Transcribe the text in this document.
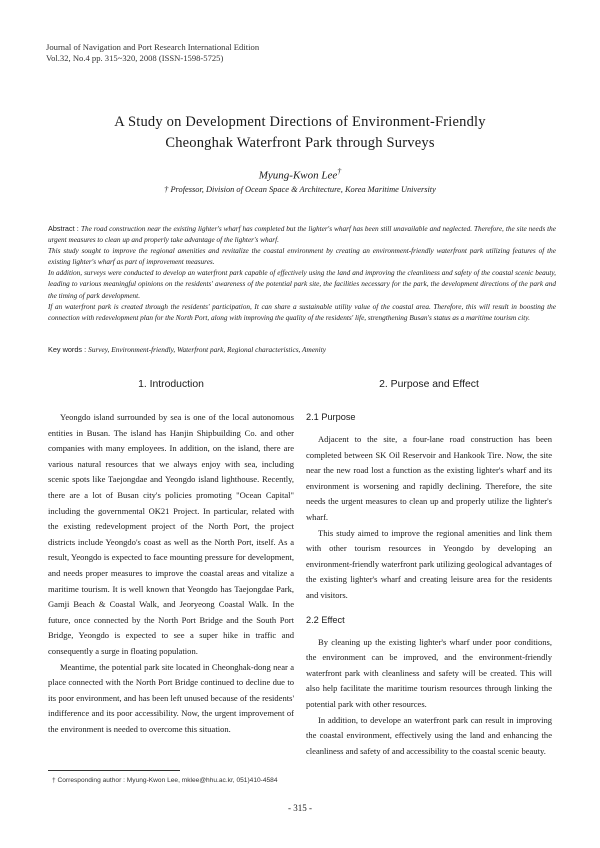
Journal of Navigation and Port Research International Edition
Vol.32, No.4 pp. 315~320, 2008 (ISSN-1598-5725)
A Study on Development Directions of Environment-Friendly
Cheonghak Waterfront Park through Surveys
Myung-Kwon Lee†
† Professor, Division of Ocean Space & Architecture, Korea Maritime University

Abstract : The road construction near the existing lighter's wharf has completed but the lighter's wharf has been still unavailable and neglected. Therefore, the site needs the urgent measures to clean up and properly take advantage of the lighter's wharf.

This study sought to improve the regional amenities and revitalize the coastal environment by creating an environment-friendly waterfront park utilizing features of the existing lighter's wharf as part of improvement measures.

In addition, surveys were conducted to develop an waterfront park capable of effectively using the land and improving the cleanliness and safety of the coastal scenic beauty, leading to various meaningful opinions on the residents' awareness of the potential park site, the facilities necessary for the park, the development directions of the park and the timing of park development.

If an waterfront park is created through the residents' participation, It can share a sustainable utility value of the coastal area. Therefore, this will result in boosting the connection with redevelopment plan for the North Port, along with improving the quality of the residents' life, strengthening Busan's status as a maritime tourism city.

Key words : Survey, Environment-friendly, Waterfront park, Regional characteristics, Amenity
1. Introduction

Yeongdo island surrounded by sea is one of the local autonomous entities in Busan. The island has Hanjin Shipbuilding Co. and other companies with many employees. In addition, on the island, there are various natural resources that we always enjoy with sea, including scenic spots like Taejongdae and Yeongdo island lighthouse. Recently, there are a lot of Busan city's policies promoting "Ocean Capital" including the governmental OK21 Project. In particular, related with the existing redevelopment project of the North Port, the project districts include Yeongdo's coast as well as the North Port, itself. As a result, Yeongdo is expected to face mounting pressure for development, and needs proper measures to improve the coastal areas and vitalize a maritime tourism. It is well known that Yeongdo has Taejongdae Park, Gamji Beach & Coastal Walk, and Jeoryeong Coastal Walk. In the future, once connected by the North Port Bridge and the South Port Bridge, Yeongdo is expected to see a super hike in traffic and consequently a surge in floating population.

Meantime, the potential park site located in Cheonghak-dong near a place connected with the North Port Bridge continued to decline due to its poor environment, and has been left unused because of the residents' indifference and its poor accessibility. Now, the urgent improvement of the environment is needed to overcome this situation.

2. Purpose and Effect
2.1 Purpose

Adjacent to the site, a four-lane road construction has been completed between SK Oil Reservoir and Hankook Tire. Now, the site near the new road lost a function as the existing lighter's wharf and its environment is worsening and rapidly declining. Therefore, the site needs the urgent measures to clean up and properly utilize the lighter's wharf.

This study aimed to improve the regional amenities and link them with other tourism resources in Yeongdo by developing an environment-friendly waterfront park utilizing geological advantages of the existing lighter's wharf and creating leisure area for the residents and visitors.

2.2 Effect

By cleaning up the existing lighter's wharf under poor conditions, the environment can be improved, and the environment-friendly waterfront park with cleanliness and safety will be created. This will also help facilitate the maritime tourism resources through linking the potential park with other resources.

In addition, to develope an waterfront park can result in improving the coastal environment, effectively using the land and enhancing the cleanliness and safety of and accessibility to the coastal scenic beauty.

† Corresponding author : Myung-Kwon Lee, mklee@hhu.ac.kr, 051)410-4584
- 315 -
